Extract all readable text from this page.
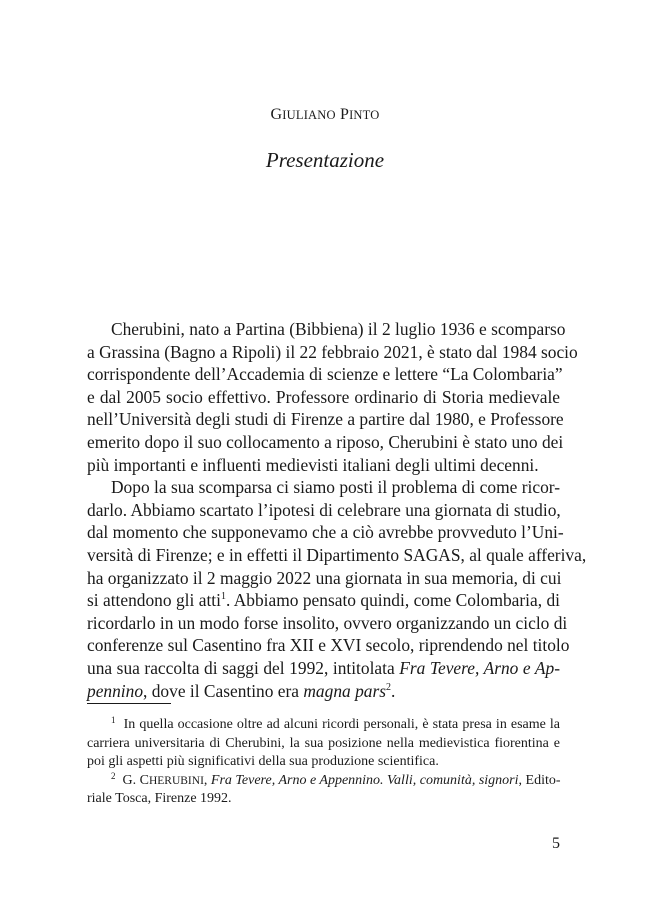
GIULIANO PINTO
Presentazione
Cherubini, nato a Partina (Bibbiena) il 2 luglio 1936 e scomparso
a Grassina (Bagno a Ripoli) il 22 febbraio 2021, è stato dal 1984 socio
corrispondente dell’Accademia di scienze e lettere “La Colombaria”
e dal 2005 socio effettivo. Professore ordinario di Storia medievale
nell’Università degli studi di Firenze a partire dal 1980, e Professore
emerito dopo il suo collocamento a riposo, Cherubini è stato uno dei
più importanti e influenti medievisti italiani degli ultimi decenni.
Dopo la sua scomparsa ci siamo posti il problema di come ricor-
darlo. Abbiamo scartato l’ipotesi di celebrare una giornata di studio,
dal momento che supponevamo che a ciò avrebbe provveduto l’Uni-
versità di Firenze; e in effetti il Dipartimento SAGAS, al quale afferiva,
ha organizzato il 2 maggio 2022 una giornata in sua memoria, di cui
si attendono gli atti$^1$. Abbiamo pensato quindi, come Colombaria, di
ricordarlo in un modo forse insolito, ovvero organizzando un ciclo di
conferenze sul Casentino fra XII e XVI secolo, riprendendo nel titolo
una sua raccolta di saggi del 1992, intitolata Fra Tevere, Arno e Ap-
pennino, dove il Casentino era magna pars$^2$.
$^1$ In quella occasione oltre ad alcuni ricordi personali, è stata presa in esame la
carriera universitaria di Cherubini, la sua posizione nella medievistica fiorentina e
poi gli aspetti più significativi della sua produzione scientifica.
$^2$ G. CHERUBINI, Fra Tevere, Arno e Appennino. Valli, comunità, signori, Edito-
riale Tosca, Firenze 1992.
5
